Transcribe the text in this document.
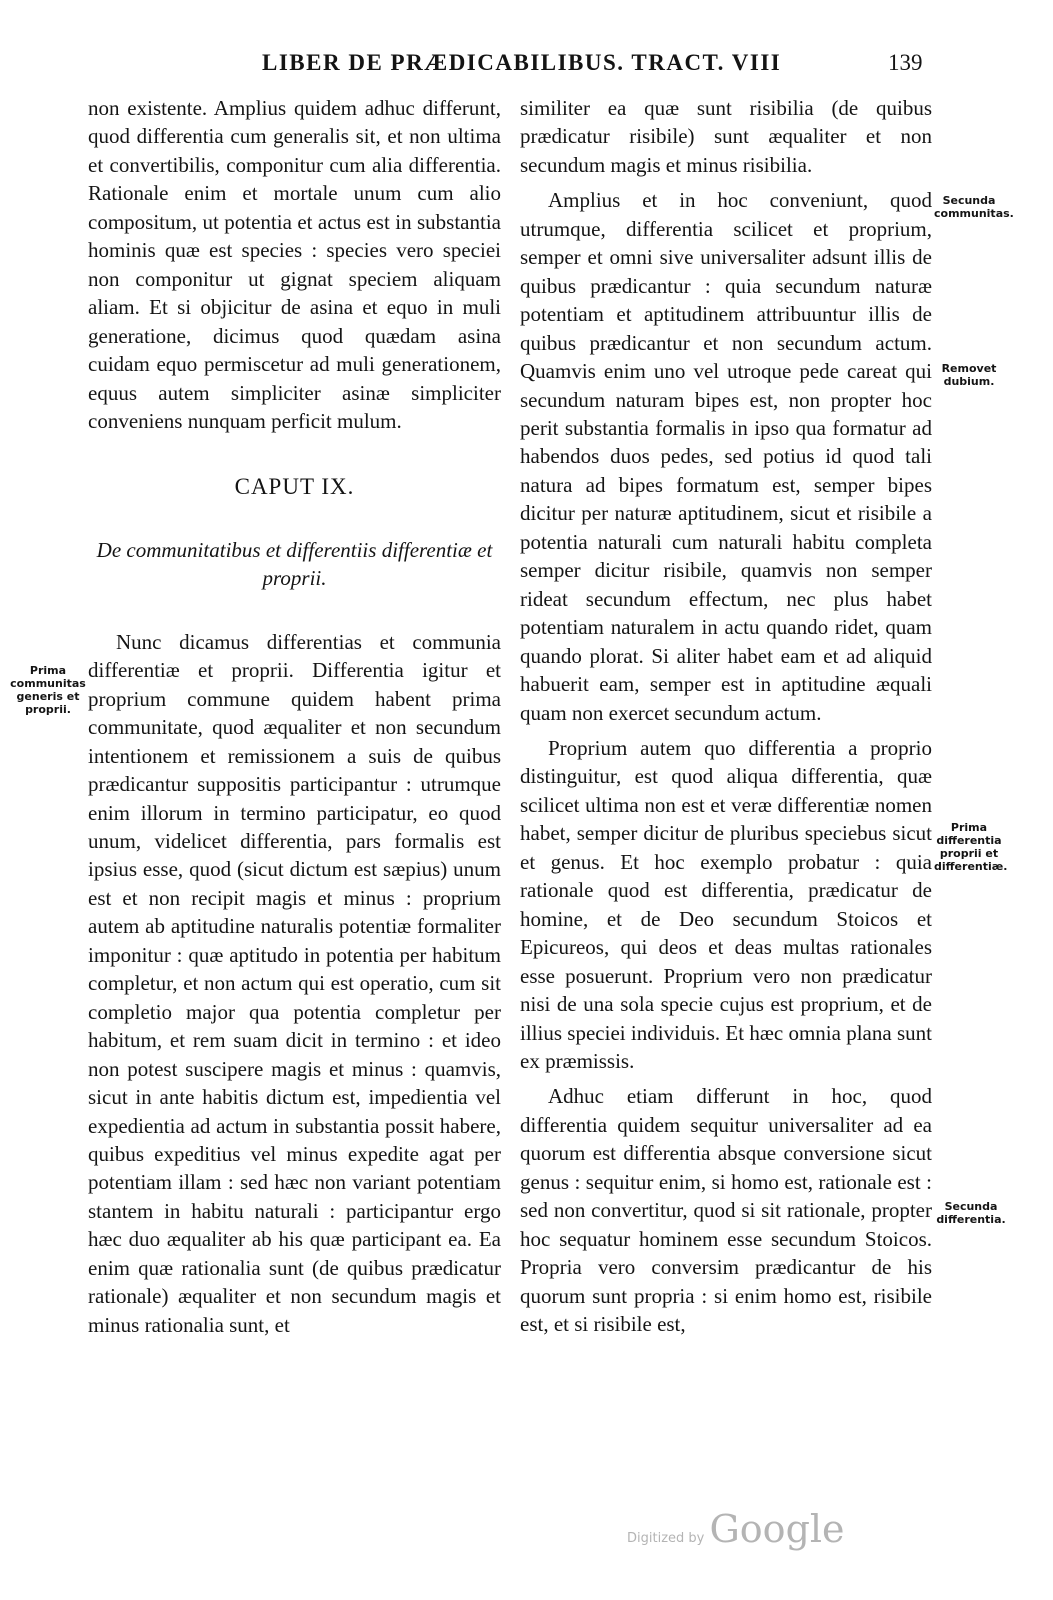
LIBER DE PRÆDICABILIBUS. TRACT. VIII	139

non existente. Amplius quidem adhuc differunt, quod differentia cum generalis sit, et non ultima et convertibilis, componitur cum alia differentia. Rationale enim et mortale unum cum alio compositum, ut potentia et actus est in substantia hominis quæ est species : species vero speciei non componitur ut gignat speciem aliquam aliam. Et si objicitur de asina et equo in muli generatione, dicimus quod quædam asina cuidam equo permiscetur ad muli generationem, equus autem simpliciter asinæ simpliciter conveniens nunquam perficit mulum.

CAPUT IX.
De communitatibus et differentiis differentiæ et proprii.

Nunc dicamus differentias et communia differentiæ et proprii. Differentia igitur et proprium commune quidem habent prima communitate, quod æqualiter et non secundum intentionem et remissionem a suis de quibus prædicantur suppositis participantur : utrumque enim illorum in termino participatur, eo quod unum, videlicet differentia, pars formalis est ipsius esse, quod (sicut dictum est sæpius) unum est et non recipit magis et minus : proprium autem ab aptitudine naturalis potentiæ formaliter imponitur : quæ aptitudo in potentia per habitum completur, et non actum qui est operatio, cum sit completio major qua potentia completur per habitum, et rem suam dicit in termino : et ideo non potest suscipere magis et minus : quamvis, sicut in ante habitis dictum est, impedientia vel expedientia ad actum in substantia possit habere, quibus expeditius vel minus expedite agat per potentiam illam : sed hæc non variant potentiam stantem in habitu naturali : participantur ergo hæc duo æqualiter ab his quæ participant ea. Ea enim quæ rationalia sunt (de quibus prædicatur rationale) æqualiter et non secundum magis et minus rationalia sunt, et

similiter ea quæ sunt risibilia (de quibus prædicatur risibile) sunt æqualiter et non secundum magis et minus risibilia.

Amplius et in hoc conveniunt, quod utrumque, differentia scilicet et proprium, semper et omni sive universaliter adsunt illis de quibus prædicantur : quia secundum naturæ potentiam et aptitudinem attribuuntur illis de quibus prædicantur et non secundum actum. Quamvis enim uno vel utroque pede careat qui secundum naturam bipes est, non propter hoc perit substantia formalis in ipso qua formatur ad habendos duos pedes, sed potius id quod tali natura ad bipes formatum est, semper bipes dicitur per naturæ aptitudinem, sicut et risibile a potentia naturali cum naturali habitu completa semper dicitur risibile, quamvis non semper rideat secundum effectum, nec plus habet potentiam naturalem in actu quando ridet, quam quando plorat. Si aliter habet eam et ad aliquid habuerit eam, semper est in aptitudine æquali quam non exercet secundum actum.

Proprium autem quo differentia a proprio distinguitur, est quod aliqua differentia, quæ scilicet ultima non est et veræ differentiæ nomen habet, semper dicitur de pluribus speciebus sicut et genus. Et hoc exemplo probatur : quia rationale quod est differentia, prædicatur de homine, et de Deo secundum Stoicos et Epicureos, qui deos et deas multas rationales esse posuerunt. Proprium vero non prædicatur nisi de una sola specie cujus est proprium, et de illius speciei individuis. Et hæc omnia plana sunt ex præmissis.

Adhuc etiam differunt in hoc, quod differentia quidem sequitur universaliter ad ea quorum est differentia absque conversione sicut genus : sequitur enim, si homo est, rationale est : sed non convertitur, quod si sit rationale, propter hoc sequatur hominem esse secundum Stoicos. Propria vero conversim prædicantur de his quorum sunt propria : si enim homo est, risibile est, et si risibile est,

Prima communitas generis et proprii.
Secunda communitas.
Removet dubium.
Prima differentia proprii et differentiæ.
Secunda differentia.
Digitized by Google
